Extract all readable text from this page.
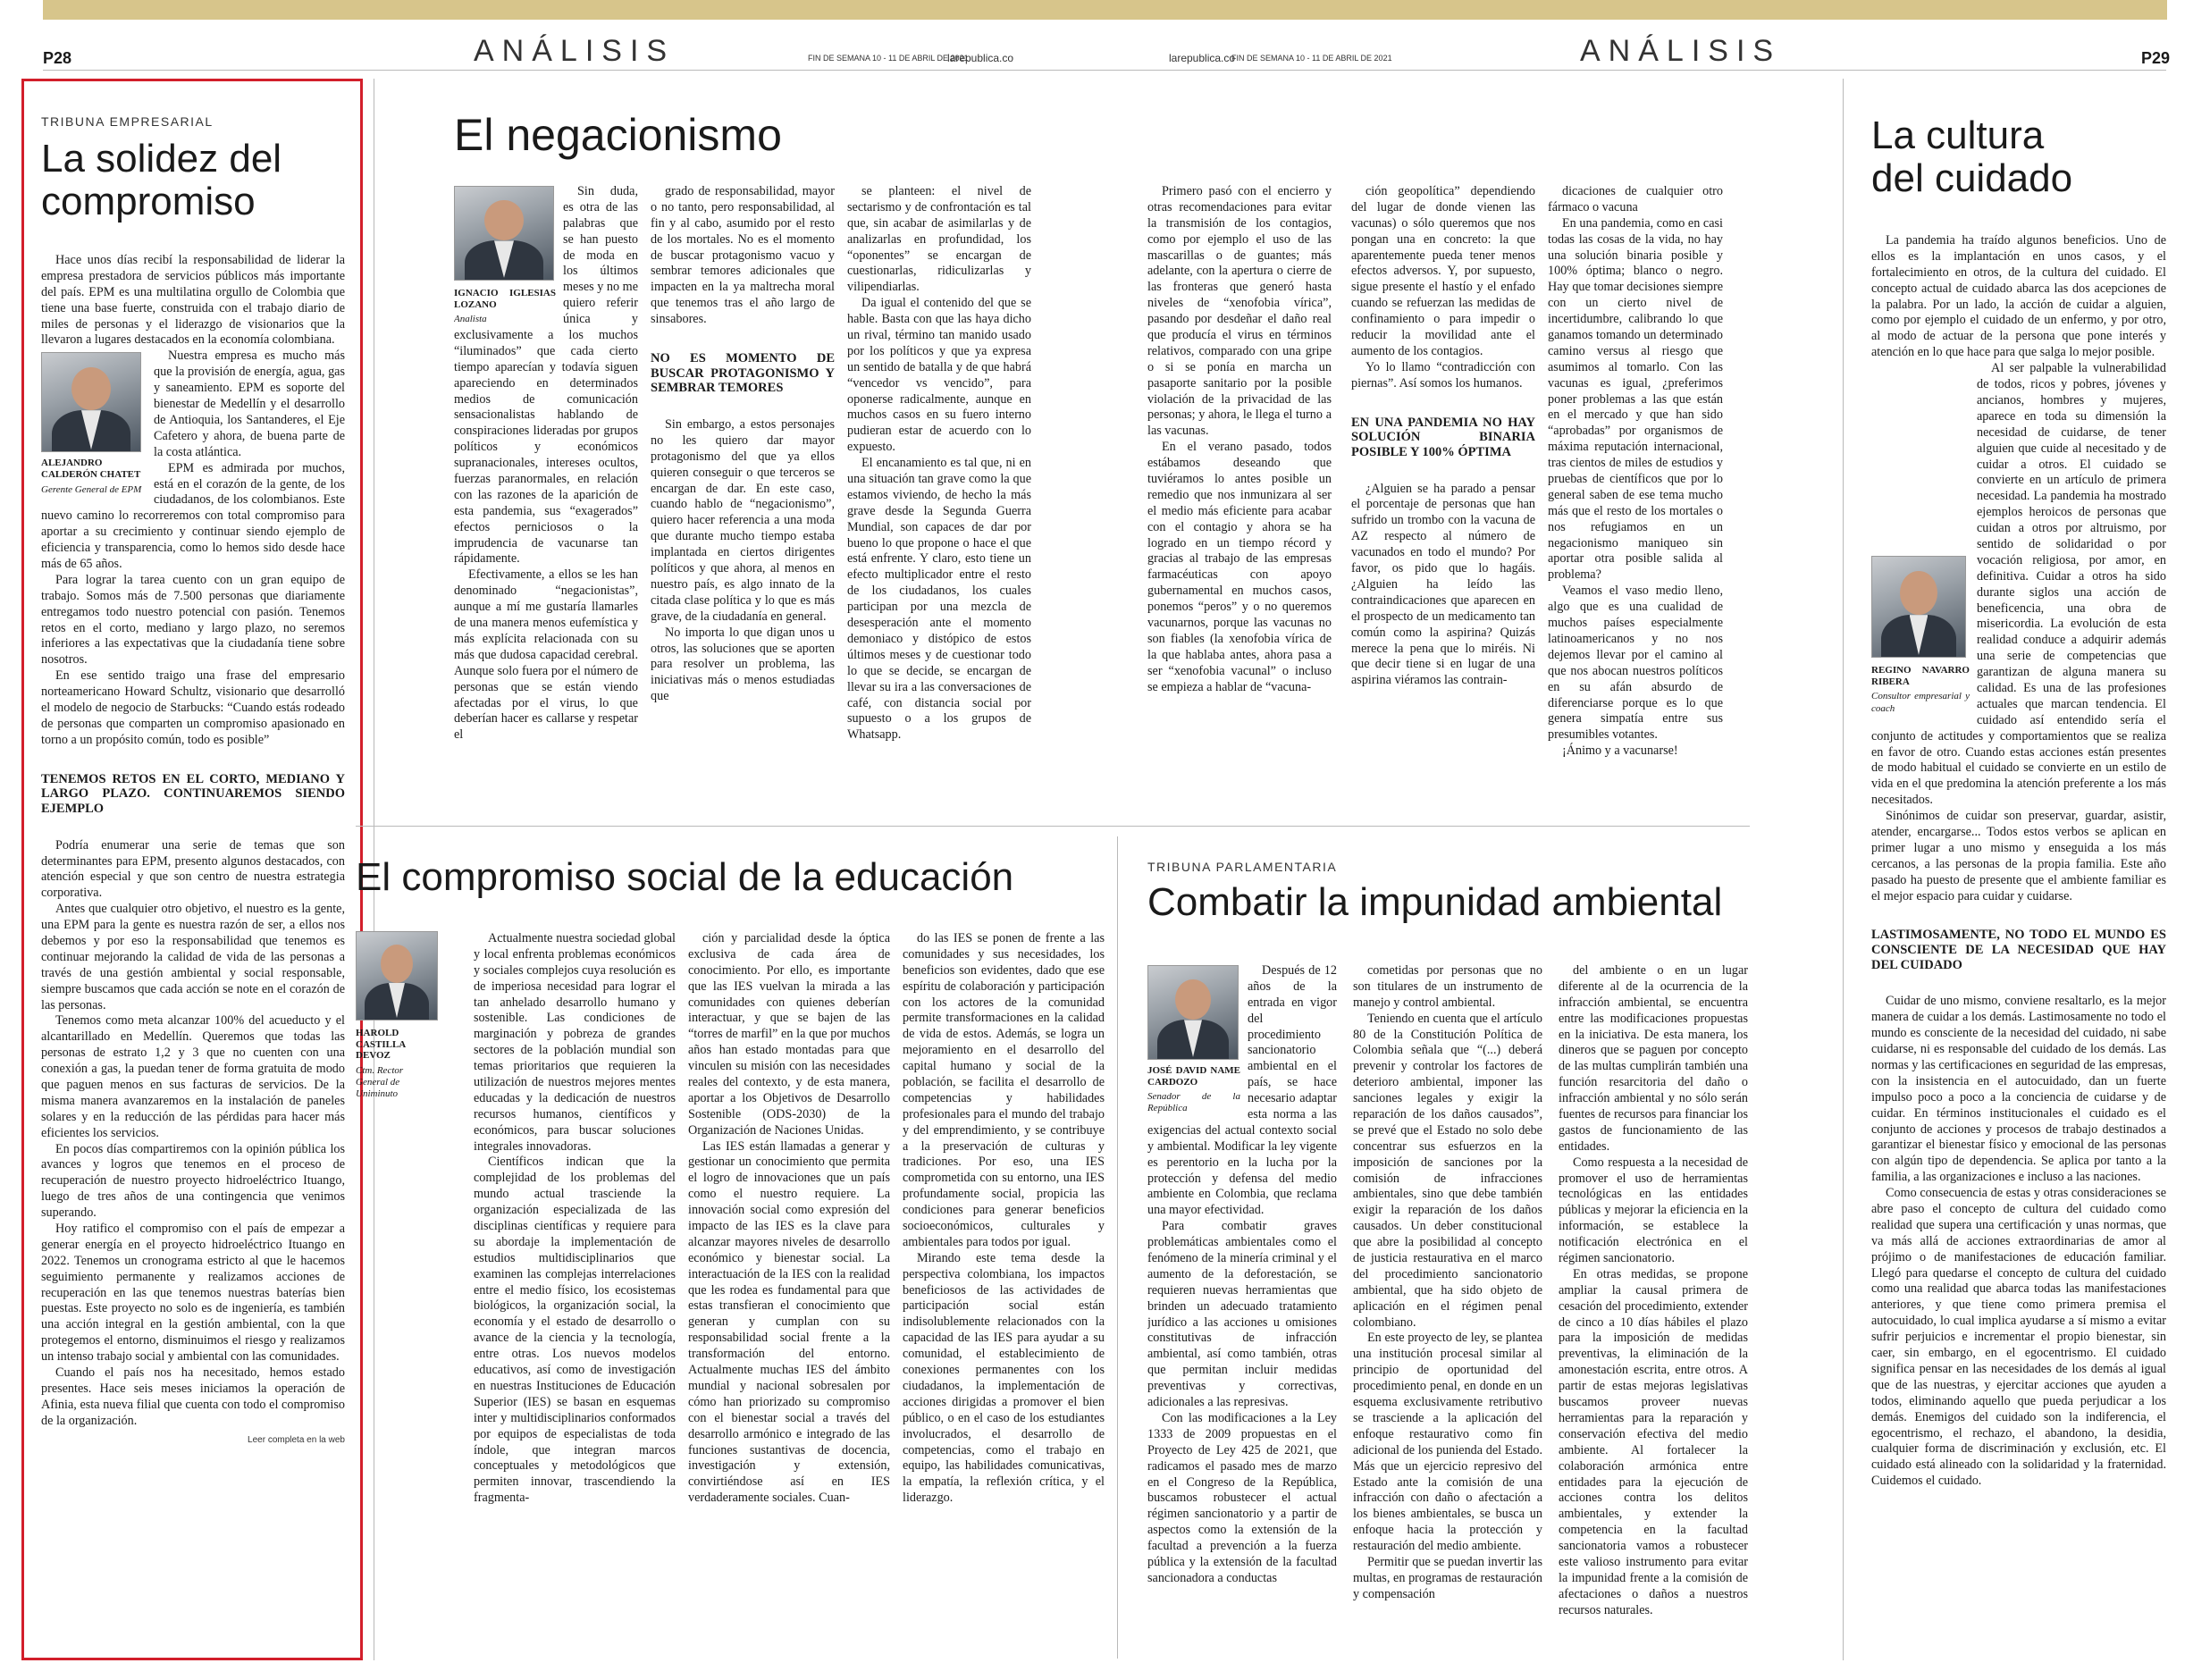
P28	ANÁLISIS	FIN DE SEMANA 10 - 11 DE ABRIL DE 2021
larepublica.co	larepublica.co
FIN DE SEMANA 10 - 11 DE ABRIL DE 2021	ANÁLISIS	P29
TRIBUNA EMPRESARIAL
La solidez del compromiso

Hace unos días recibí la responsabilidad de liderar la empresa prestadora de servicios públicos más importante del país. EPM es una multilatina orgullo de Colombia que tiene una base fuerte, construida con el trabajo diario de miles de personas y el liderazgo de visionarios que la llevaron a lugares destacados en la economía colombiana.

ALEJANDRO CALDERÓN CHATET
Gerente General de EPM

Nuestra empresa es mucho más que la provisión de energía, agua, gas y saneamiento. EPM es soporte del bienestar de Medellín y el desarrollo de Antioquia, los Santanderes, el Eje Cafetero y ahora, de buena parte de la costa atlántica.

EPM es admirada por muchos, está en el corazón de la gente, de los ciudadanos, de los colombianos. Este nuevo camino lo recorreremos con total compromiso para aportar a su crecimiento y continuar siendo ejemplo de eficiencia y transparencia, como lo hemos sido desde hace más de 65 años.

Para lograr la tarea cuento con un gran equipo de trabajo. Somos más de 7.500 personas que diariamente entregamos todo nuestro potencial con pasión. Tenemos retos en el corto, mediano y largo plazo, no seremos inferiores a las expectativas que la ciudadanía tiene sobre nosotros.

En ese sentido traigo una frase del empresario norteamericano Howard Schultz, visionario que desarrolló el modelo de negocio de Starbucks: “Cuando estás rodeado de personas que comparten un compromiso apasionado en torno a un propósito común, todo es posible”

TENEMOS RETOS EN EL CORTO, MEDIANO Y LARGO PLAZO. CONTINUAREMOS SIENDO EJEMPLO

Podría enumerar una serie de temas que son determinantes para EPM, presento algunos destacados, con atención especial y que son centro de nuestra estrategia corporativa.

Antes que cualquier otro objetivo, el nuestro es la gente, una EPM para la gente es nuestra razón de ser, a ellos nos debemos y por eso la responsabilidad que tenemos es continuar mejorando la calidad de vida de las personas a través de una gestión ambiental y social responsable, siempre buscamos que cada acción se note en el corazón de las personas.

Tenemos como meta alcanzar 100% del acueducto y el alcantarillado en Medellín. Queremos que todas las personas de estrato 1,2 y 3 que no cuenten con una conexión a gas, la puedan tener de forma gratuita de modo que paguen menos en sus facturas de servicios. De la misma manera avanzaremos en la instalación de paneles solares y en la reducción de las pérdidas para hacer más eficientes los servicios.

En pocos días compartiremos con la opinión pública los avances y logros que tenemos en el proceso de recuperación de nuestro proyecto hidroeléctrico Ituango, luego de tres años de una contingencia que venimos superando.

Hoy ratifico el compromiso con el país de empezar a generar energía en el proyecto hidroeléctrico Ituango en 2022. Tenemos un cronograma estricto al que le hacemos seguimiento permanente y realizamos acciones de recuperación en las que tenemos nuestras baterías bien puestas. Este proyecto no solo es de ingeniería, es también una acción integral en la gestión ambiental, con la que protegemos el entorno, disminuimos el riesgo y realizamos un intenso trabajo social y ambiental con las comunidades.

Cuando el país nos ha necesitado, hemos estado presentes. Hace seis meses iniciamos la operación de Afinia, esta nueva filial que cuenta con todo el compromiso de la organización.

Leer completa en la web
El negacionismo
IGNACIO IGLESIAS LOZANO
Analista

Sin duda, es otra de las palabras que se han puesto de moda en los últimos meses y no me quiero referir única y exclusivamente a los muchos “iluminados” que cada cierto tiempo aparecían y todavía siguen apareciendo en determinados medios de comunicación sensacionalistas hablando de conspiraciones lideradas por grupos políticos y económicos supranacionales, intereses ocultos, fuerzas paranormales, en relación con las razones de la aparición de esta pandemia, sus “exagerados” efectos perniciosos o la imprudencia de vacunarse tan rápidamente.

Efectivamente, a ellos se les han denominado “negacionistas”, aunque a mí me gustaría llamarles de una manera menos eufemística y más explícita relacionada con su más que dudosa capacidad cerebral. Aunque solo fuera por el número de personas que se están viendo afectadas por el virus, lo que deberían hacer es callarse y respetar el

grado de responsabilidad, mayor o no tanto, pero responsabilidad, al fin y al cabo, asumido por el resto de los mortales. No es el momento de buscar protagonismo vacuo y sembrar temores adicionales que impacten en la ya maltrecha moral que tenemos tras el año largo de sinsabores.

NO ES MOMENTO DE BUSCAR PROTAGONISMO Y SEMBRAR TEMORES

Sin embargo, a estos personajes no les quiero dar mayor protagonismo del que ya ellos quieren conseguir o que terceros se encargan de dar. En este caso, cuando hablo de “negacionismo”, quiero hacer referencia a una moda que durante mucho tiempo estaba implantada en ciertos dirigentes políticos y que ahora, al menos en nuestro país, es algo innato de la citada clase política y lo que es más grave, de la ciudadanía en general.

No importa lo que digan unos u otros, las soluciones que se aporten para resolver un problema, las iniciativas más o menos estudiadas que

se planteen: el nivel de sectarismo y de confrontación es tal que, sin acabar de asimilarlas y de analizarlas en profundidad, los “oponentes” se encargan de cuestionarlas, ridiculizarlas y vilipendiarlas.

Da igual el contenido del que se hable. Basta con que las haya dicho un rival, término tan manido usado por los políticos y que ya expresa un sentido de batalla y de que habrá “vencedor vs vencido”, para oponerse radicalmente, aunque en muchos casos en su fuero interno pudieran estar de acuerdo con lo expuesto.

El encanamiento es tal que, ni en una situación tan grave como la que estamos viviendo, de hecho la más grave desde la Segunda Guerra Mundial, son capaces de dar por bueno lo que propone o hace el que está enfrente. Y claro, esto tiene un efecto multiplicador entre el resto de los ciudadanos, los cuales participan por una mezcla de desesperación ante el momento demoniaco y distópico de estos últimos meses y de cuestionar todo lo que se decide, se encargan de llevar su ira a las conversaciones de café, con distancia social por supuesto o a los grupos de Whatsapp.

Primero pasó con el encierro y otras recomendaciones para evitar la transmisión de los contagios, como por ejemplo el uso de las mascarillas o de guantes; más adelante, con la apertura o cierre de las fronteras que generó hasta niveles de “xenofobia vírica”, pasando por desdeñar el daño real que producía el virus en términos relativos, comparado con una gripe o si se ponía en marcha un pasaporte sanitario por la posible violación de la privacidad de las personas; y ahora, le llega el turno a las vacunas.

En el verano pasado, todos estábamos deseando que tuviéramos lo antes posible un remedio que nos inmunizara al ser el medio más eficiente para acabar con el contagio y ahora se ha logrado en un tiempo récord y gracias al trabajo de las empresas farmacéuticas con apoyo gubernamental en muchos casos, ponemos “peros” y o no queremos vacunarnos, porque las vacunas no son fiables (la xenofobia vírica de la que hablaba antes, ahora pasa a ser “xenofobia vacunal” o incluso se empieza a hablar de “vacuna-

ción geopolítica” dependiendo del lugar de donde vienen las vacunas) o sólo queremos que nos pongan una en concreto: la que aparentemente pueda tener menos efectos adversos. Y, por supuesto, sigue presente el hastío y el enfado cuando se refuerzan las medidas de confinamiento o para impedir o reducir la movilidad ante el aumento de los contagios.

Yo lo llamo “contradicción con piernas”. Así somos los humanos.

EN UNA PANDEMIA NO HAY SOLUCIÓN BINARIA POSIBLE Y 100% ÓPTIMA

¿Alguien se ha parado a pensar el porcentaje de personas que han sufrido un trombo con la vacuna de AZ respecto al número de vacunados en todo el mundo? Por favor, os pido que lo hagáis. ¿Alguien ha leído las contraindicaciones que aparecen en el prospecto de un medicamento tan común como la aspirina? Quizás merece la pena que lo miréis. Ni que decir tiene si en lugar de una aspirina viéramos las contrain-

dicaciones de cualquier otro fármaco o vacuna

En una pandemia, como en casi todas las cosas de la vida, no hay una solución binaria posible y 100% óptima; blanco o negro. Hay que tomar decisiones siempre con un cierto nivel de incertidumbre, calibrando lo que ganamos tomando un determinado camino versus al riesgo que asumimos al tomarlo. Con las vacunas es igual, ¿preferimos poner problemas a las que están en el mercado y que han sido “aprobadas” por organismos de máxima reputación internacional, tras cientos de miles de estudios y pruebas de científicos que por lo general saben de ese tema mucho más que el resto de los mortales o nos refugiamos en un negacionismo maniqueo sin aportar otra posible salida al problema?

Veamos el vaso medio lleno, algo que es una cualidad de muchos países especialmente latinoamericanos y no nos dejemos llevar por el camino al que nos abocan nuestros políticos en su afán absurdo de diferenciarse porque es lo que genera simpatía entre sus presumibles votantes.

¡Ánimo y a vacunarse!

El compromiso social de la educación
HAROLD CASTILLA DEVOZ
Ctm. Rector General de Uniminuto

Actualmente nuestra sociedad global y local enfrenta problemas económicos y sociales complejos cuya resolución es de imperiosa necesidad para lograr el tan anhelado desarrollo humano y sostenible. Las condiciones de marginación y pobreza de grandes sectores de la población mundial son temas prioritarios que requieren la utilización de nuestros mejores mentes educadas y la dedicación de nuestros recursos humanos, científicos y económicos, para buscar soluciones integrales innovadoras.

Científicos indican que la complejidad de los problemas del mundo actual trasciende la organización especializada de las disciplinas científicas y requiere para su abordaje la implementación de estudios multidisciplinarios que examinen las complejas interrelaciones entre el medio físico, los ecosistemas biológicos, la organización social, la economía y el estado de desarrollo o avance de la ciencia y la tecnología, entre otras. Los nuevos modelos educativos, así como de investigación en nuestras Instituciones de Educación Superior (IES) se basan en esquemas inter y multidisciplinarios conformados por equipos de especialistas de toda índole, que integran marcos conceptuales y metodológicos que permiten innovar, trascendiendo la fragmenta-

ción y parcialidad desde la óptica exclusiva de cada área de conocimiento. Por ello, es importante que las IES vuelvan la mirada a las comunidades con quienes deberían interactuar, y que se bajen de las “torres de marfil” en la que por muchos años han estado montadas para que vinculen su misión con las necesidades reales del contexto, y de esta manera, aportar a los Objetivos de Desarrollo Sostenible (ODS-2030) de la Organización de Naciones Unidas.

Las IES están llamadas a generar y gestionar un conocimiento que permita el logro de innovaciones que un país como el nuestro requiere. La innovación social como expresión del impacto de las IES es la clave para alcanzar mayores niveles de desarrollo económico y bienestar social. La interactuación de la IES con la realidad que les rodea es fundamental para que estas transfieran el conocimiento que generan y cumplan con su responsabilidad social frente a la transformación del entorno. Actualmente muchas IES del ámbito mundial y nacional sobresalen por cómo han priorizado su compromiso con el bienestar social a través del desarrollo armónico e integrado de las funciones sustantivas de docencia, investigación y extensión, convirtiéndose así en IES verdaderamente sociales. Cuan-

do las IES se ponen de frente a las comunidades y sus necesidades, los beneficios son evidentes, dado que ese espíritu de colaboración y participación con los actores de la comunidad permite transformaciones en la calidad de vida de estos. Además, se logra un mejoramiento en el desarrollo del capital humano y social de la población, se facilita el desarrollo de competencias y habilidades profesionales para el mundo del trabajo y del emprendimiento, y se contribuye a la preservación de culturas y tradiciones. Por eso, una IES comprometida con su entorno, una IES profundamente social, propicia las condiciones para generar beneficios socioeconómicos, culturales y ambientales para todos por igual.

Mirando este tema desde la perspectiva colombiana, los impactos beneficiosos de las actividades de participación social están indisolublemente relacionados con la capacidad de las IES para ayudar a su comunidad, el establecimiento de conexiones permanentes con los ciudadanos, la implementación de acciones dirigidas a promover el bien público, o en el caso de los estudiantes involucrados, el desarrollo de competencias, como el trabajo en equipo, las habilidades comunicativas, la empatía, la reflexión crítica, y el liderazgo.

TRIBUNA PARLAMENTARIA
Combatir la impunidad ambiental
JOSÉ DAVID NAME CARDOZO
Senador de la República

Después de 12 años de la entrada en vigor del procedimiento sancionatorio ambiental en el país, se hace necesario adaptar esta norma a las exigencias del actual contexto social y ambiental. Modificar la ley vigente es perentorio en la lucha por la protección y defensa del medio ambiente en Colombia, que reclama una mayor efectividad.

Para combatir graves problemáticas ambientales como el fenómeno de la minería criminal y el aumento de la deforestación, se requieren nuevas herramientas que brinden un adecuado tratamiento jurídico a las acciones u omisiones constitutivas de infracción ambiental, así como también, otras que permitan incluir medidas preventivas y correctivas, adicionales a las represivas.

Con las modificaciones a la Ley 1333 de 2009 propuestas en el Proyecto de Ley 425 de 2021, que radicamos el pasado mes de marzo en el Congreso de la República, buscamos robustecer el actual régimen sancionatorio y a partir de aspectos como la extensión de la facultad a prevención a la fuerza pública y la extensión de la facultad sancionadora a conductas

cometidas por personas que no son titulares de un instrumento de manejo y control ambiental.

Teniendo en cuenta que el artículo 80 de la Constitución Política de Colombia señala que “(...) deberá prevenir y controlar los factores de deterioro ambiental, imponer las sanciones legales y exigir la reparación de los daños causados”, se prevé que el Estado no solo debe concentrar sus esfuerzos en la imposición de sanciones por la comisión de infracciones ambientales, sino que debe también exigir la reparación de los daños causados. Un deber constitucional que abre la posibilidad al concepto de justicia restaurativa en el marco del procedimiento sancionatorio ambiental, que ha sido objeto de aplicación en el régimen penal colombiano.

En este proyecto de ley, se plantea una institución procesal similar al principio de oportunidad del procedimiento penal, en donde en un esquema exclusivamente retributivo se trasciende a la aplicación del enfoque restaurativo como fin adicional de los punienda del Estado. Más que un ejercicio represivo del Estado ante la comisión de una infracción con daño o afectación a los bienes ambientales, se busca un enfoque hacia la protección y restauración del medio ambiente.

Permitir que se puedan invertir las multas, en programas de restauración y compensación

del ambiente o en un lugar diferente al de la ocurrencia de la infracción ambiental, se encuentra entre las modificaciones propuestas en la iniciativa. De esta manera, los dineros que se paguen por concepto de las multas cumplirán también una función resarcitoria del daño o infracción ambiental y no sólo serán fuentes de recursos para financiar los gastos de funcionamiento de las entidades.

Como respuesta a la necesidad de promover el uso de herramientas tecnológicas en las entidades públicas y mejorar la eficiencia en la información, se establece la notificación electrónica en el régimen sancionatorio.

En otras medidas, se propone ampliar la causal primera de cesación del procedimiento, extender de cinco a 10 días hábiles el plazo para la imposición de medidas preventivas, la eliminación de la amonestación escrita, entre otros. A partir de estas mejoras legislativas buscamos proveer nuevas herramientas para la reparación y conservación efectiva del medio ambiente. Al fortalecer la colaboración armónica entre entidades para la ejecución de acciones contra los delitos ambientales, y extender la competencia en la facultad sancionatoria vamos a robustecer este valioso instrumento para evitar la impunidad frente a la comisión de afectaciones o daños a nuestros recursos naturales.

La cultura del cuidado

La pandemia ha traído algunos beneficios. Uno de ellos es la implantación en unos casos, y el fortalecimiento en otros, de la cultura del cuidado. El concepto actual de cuidado abarca las dos acepciones de la palabra. Por un lado, la acción de cuidar a alguien, como por ejemplo el cuidado de un enfermo, y por otro, al modo de actuar de la persona que pone interés y atención en lo que hace para que salga lo mejor posible.

REGINO NAVARRO RIBERA
Consultor empresarial y coach

Al ser palpable la vulnerabilidad de todos, ricos y pobres, jóvenes y ancianos, hombres y mujeres, aparece en toda su dimensión la necesidad de cuidarse, de tener alguien que cuide al necesitado y de cuidar a otros. El cuidado se convierte en un artículo de primera necesidad. La pandemia ha mostrado ejemplos heroicos de personas que cuidan a otros por altruismo, por sentido de solidaridad o por vocación religiosa, por amor, en definitiva. Cuidar a otros ha sido durante siglos una acción de beneficencia, una obra de misericordia. La evolución de esta realidad conduce a adquirir además una serie de competencias que garantizan de alguna manera su calidad. Es una de las profesiones actuales que marcan tendencia. El cuidado así entendido sería el conjunto de actitudes y comportamientos que se realiza en favor de otro. Cuando estas acciones están presentes de modo habitual el cuidado se convierte en un estilo de vida en el que predomina la atención preferente a los más necesitados.

Sinónimos de cuidar son preservar, guardar, asistir, atender, encargarse... Todos estos verbos se aplican en primer lugar a uno mismo y enseguida a los más cercanos, a las personas de la propia familia. Este año pasado ha puesto de presente que el ambiente familiar es el mejor espacio para cuidar y cuidarse.

LASTIMOSAMENTE, NO TODO EL MUNDO ES CONSCIENTE DE LA NECESIDAD QUE HAY DEL CUIDADO

Cuidar de uno mismo, conviene resaltarlo, es la mejor manera de cuidar a los demás. Lastimosamente no todo el mundo es consciente de la necesidad del cuidado, ni sabe cuidarse, ni es responsable del cuidado de los demás. Las normas y las certificaciones en seguridad de las empresas, con la insistencia en el autocuidado, dan un fuerte impulso poco a poco a la conciencia de cuidarse y de cuidar. En términos institucionales el cuidado es el conjunto de acciones y procesos de trabajo destinados a garantizar el bienestar físico y emocional de las personas con algún tipo de dependencia. Se aplica por tanto a la familia, a las organizaciones e incluso a las naciones.

Como consecuencia de estas y otras consideraciones se abre paso el concepto de cultura del cuidado como realidad que supera una certificación y unas normas, que va más allá de acciones extraordinarias de amor al prójimo o de manifestaciones de educación familiar. Llegó para quedarse el concepto de cultura del cuidado como una realidad que abarca todas las manifestaciones anteriores, y que tiene como primera premisa el autocuidado, lo cual implica ayudarse a sí mismo a evitar sufrir perjuicios e incrementar el propio bienestar, sin caer, sin embargo, en el egocentrismo. El cuidado significa pensar en las necesidades de los demás al igual que de las nuestras, y ejercitar acciones que ayuden a todos, eliminando aquello que pueda perjudicar a los demás. Enemigos del cuidado son la indiferencia, el egocentrismo, el rechazo, el abandono, la desidia, cualquier forma de discriminación y exclusión, etc. El cuidado está alineado con la solidaridad y la fraternidad. Cuidemos el cuidado.
